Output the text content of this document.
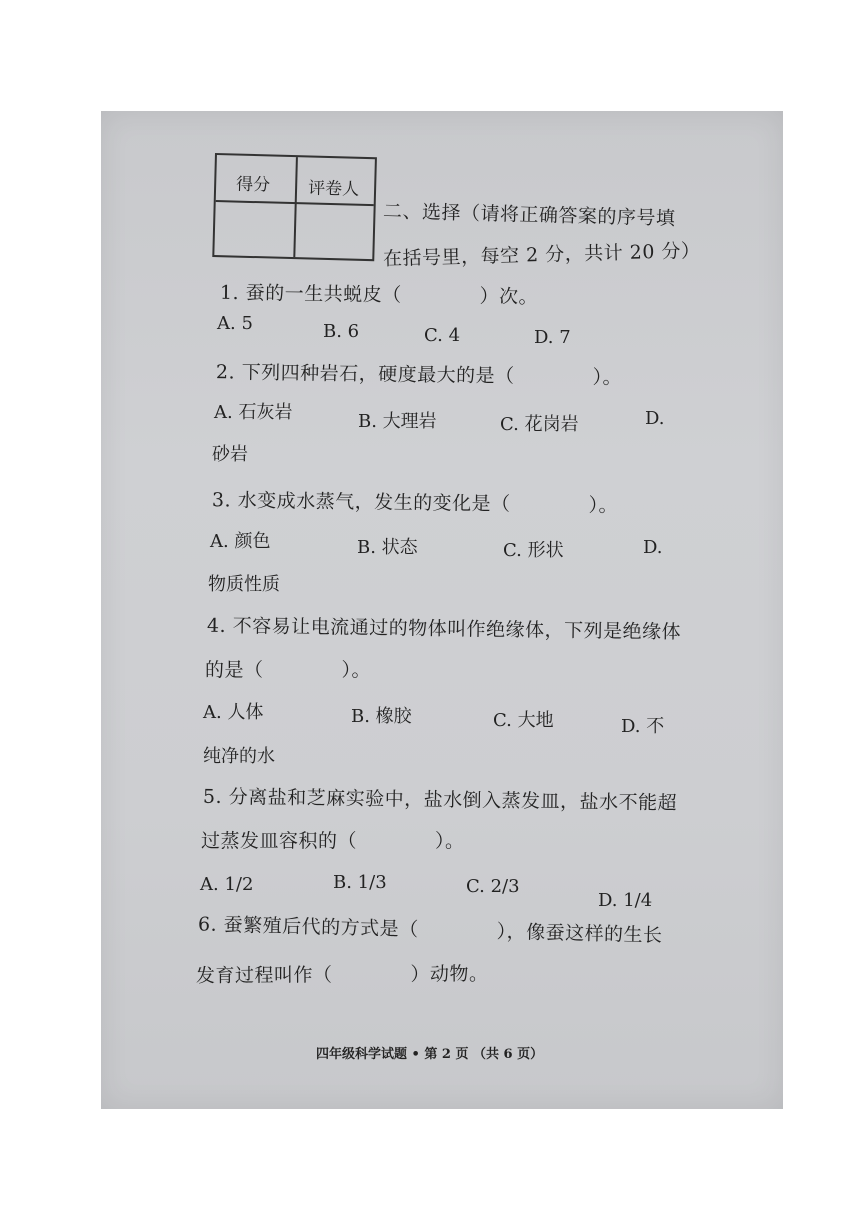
得分 评卷人
二、选择（请将正确答案的序号填
在括号里，每空 2 分，共计 20 分）
1. 蚕的一生共蜕皮（　　　　）次。
A. 5	B. 6	C. 4	D. 7
2. 下列四种岩石，硬度最大的是（　　　　）。
A. 石灰岩	B. 大理岩	C. 花岗岩	D.
砂岩
3. 水变成水蒸气，发生的变化是（　　　　）。
A. 颜色	B. 状态	C. 形状	D.
物质性质
4. 不容易让电流通过的物体叫作绝缘体，下列是绝缘体
的是（　　　　）。
A. 人体	B. 橡胶	C. 大地	D. 不
纯净的水
5. 分离盐和芝麻实验中，盐水倒入蒸发皿，盐水不能超
过蒸发皿容积的（　　　　）。
A. 1/2	B. 1/3	C. 2/3
D. 1/4
6. 蚕繁殖后代的方式是（　　　　），像蚕这样的生长
发育过程叫作（　　　　）动物。
四年级科学试题 • 第 2 页 （共 6 页）
